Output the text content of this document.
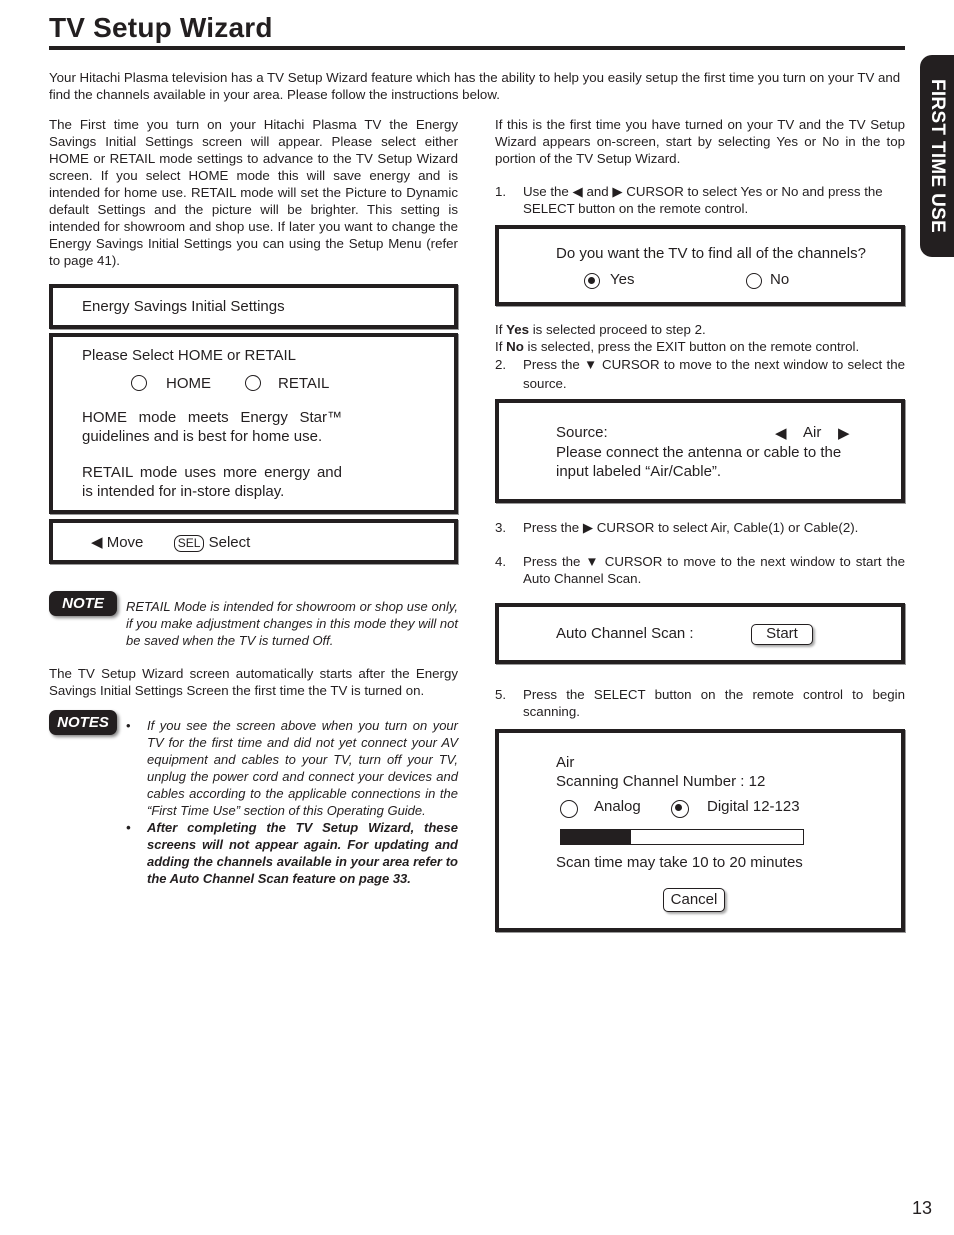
TV Setup Wizard
FIRST TIME USE
Your Hitachi Plasma television has a TV Setup Wizard feature which has the ability to help you easily setup the first time you turn on your TV and find the channels available in your area. Please follow the instructions below.
The First time you turn on your Hitachi Plasma TV the Energy Savings Initial Settings screen will appear. Please select either HOME or RETAIL mode settings to advance to the TV Setup Wizard screen. If you select HOME mode this will save energy and is intended for home use. RETAIL mode will set the Picture to Dynamic default Settings and the picture will be brighter. This setting is intended for showroom and shop use. If later you want to change the Energy Savings Initial Settings you can using the Setup Menu (refer to page 41).
Energy Savings Initial Settings
Please Select HOME or RETAIL
HOME	RETAIL
HOME mode meets Energy Star™ guidelines and is best for home use.
RETAIL mode uses more energy and is intended for in-store display.
◀ Move	SEL Select
NOTE	RETAIL Mode is intended for showroom or shop use only, if you make adjustment changes in this mode they will not be saved when the TV is turned Off.
The TV Setup Wizard screen automatically starts after the Energy Savings Initial Settings Screen the first time the TV is turned on.
NOTES	• If you see the screen above when you turn on your TV for the first time and did not yet connect your AV equipment and cables to your TV, turn off your TV, unplug the power cord and connect your devices and cables according to the applicable connections in the “First Time Use” section of this Operating Guide.
• After completing the TV Setup Wizard, these screens will not appear again. For updating and adding the channels available in your area refer to the Auto Channel Scan feature on page 33.
If this is the first time you have turned on your TV and the TV Setup Wizard appears on-screen, start by selecting Yes or No in the top portion of the TV Setup Wizard.
1. Use the ◀ and ▶ CURSOR to select Yes or No and press the SELECT button on the remote control.
Do you want the TV to find all of the channels?
Yes	No
If Yes is selected proceed to step 2.
If No is selected, press the EXIT button on the remote control.
2. Press the ▼ CURSOR to move to the next window to select the source.
Source:	◀ Air ▶
Please connect the antenna or cable to the input labeled “Air/Cable”.
3. Press the ▶ CURSOR to select Air, Cable(1) or Cable(2).
4. Press the ▼ CURSOR to move to the next window to start the Auto Channel Scan.
Auto Channel Scan :	Start
5. Press the SELECT button on the remote control to begin scanning.
Air
Scanning Channel Number : 12
Analog	Digital 12-123
Scan time may take 10 to 20 minutes
Cancel
13
